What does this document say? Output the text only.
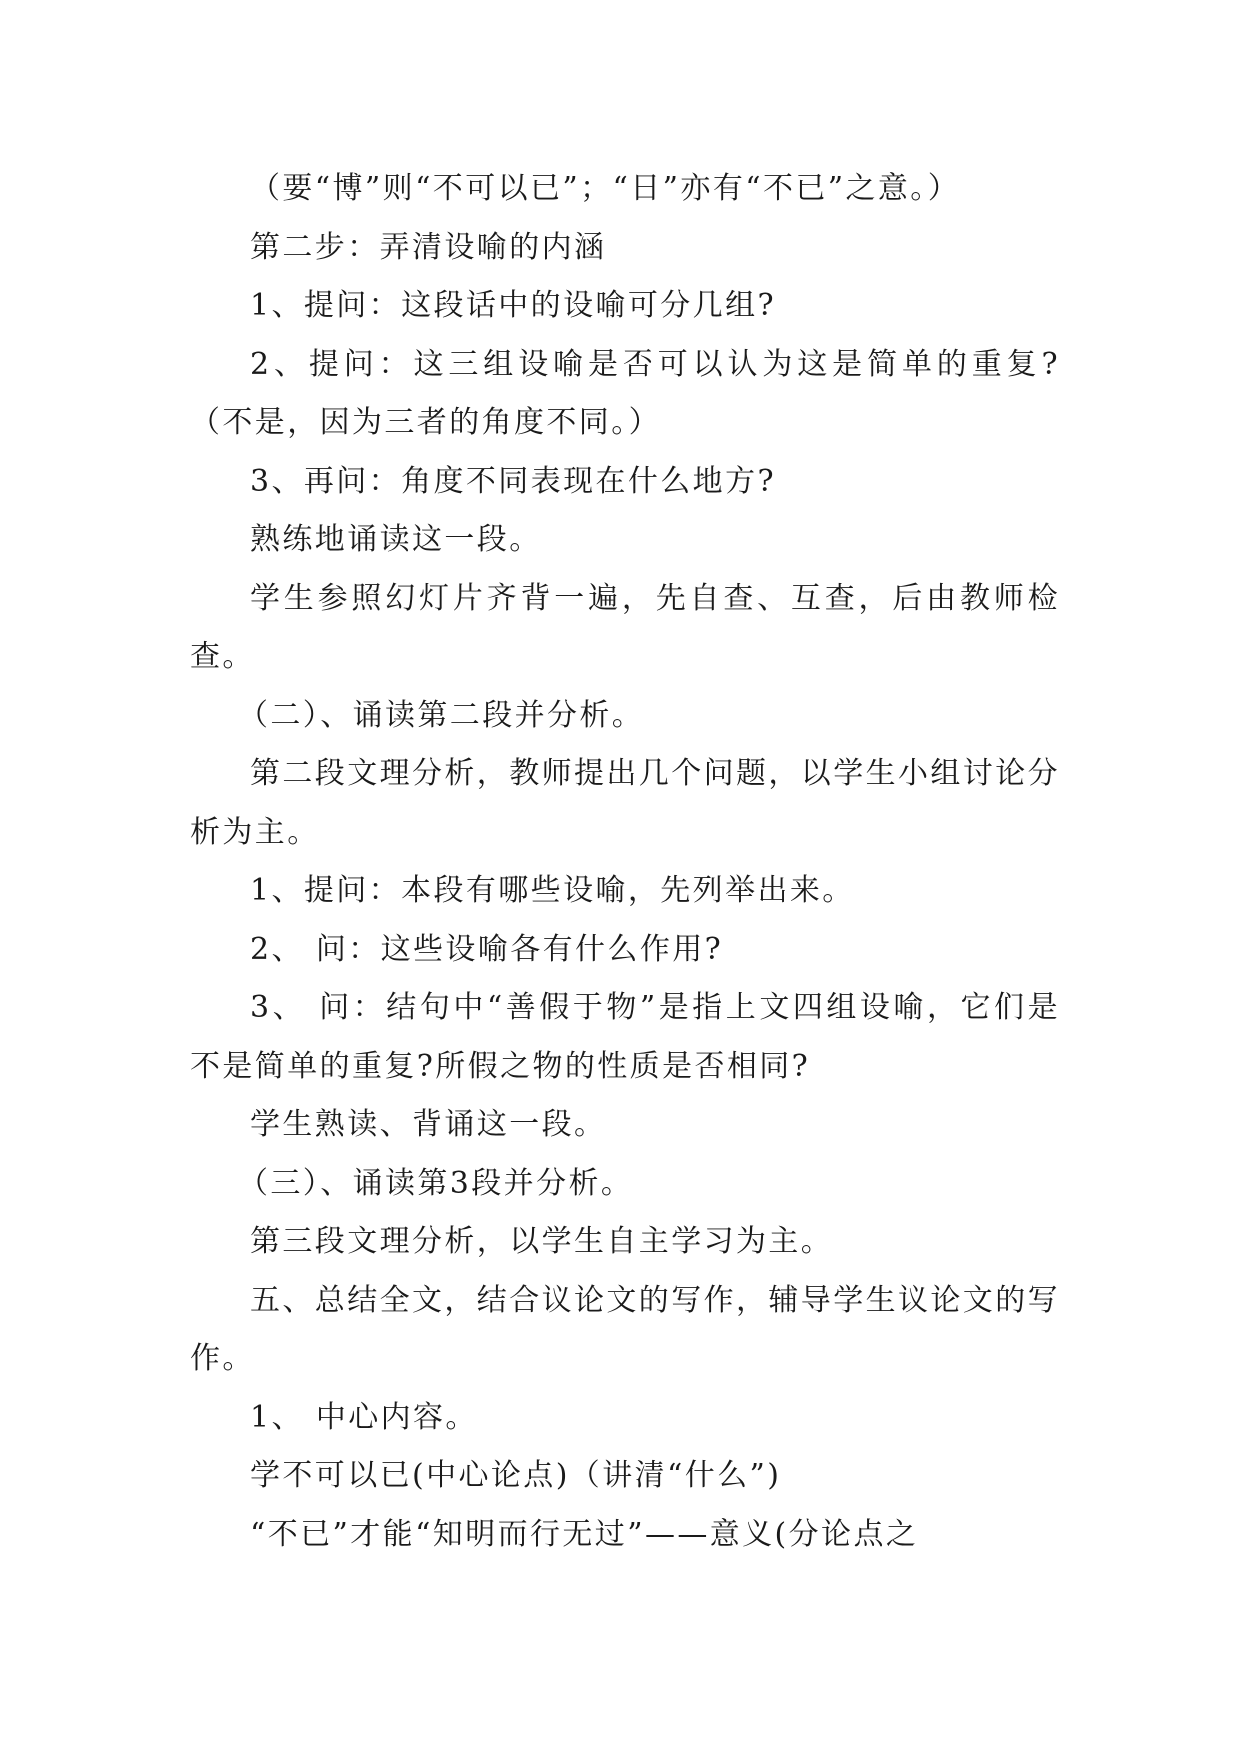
（要“博”则“不可以已”；“日”亦有“不已”之意。）

第二步：弄清设喻的内涵

1、提问：这段话中的设喻可分几组?

2、提问：这三组设喻是否可以认为这是简单的重复?（不是，因为三者的角度不同。）

3、再问：角度不同表现在什么地方?

熟练地诵读这一段。

学生参照幻灯片齐背一遍，先自查、互查，后由教师检查。

（二）、诵读第二段并分析。

第二段文理分析，教师提出几个问题，以学生小组讨论分析为主。

1、提问：本段有哪些设喻，先列举出来。

2、 问：这些设喻各有什么作用?

3、 问：结句中“善假于物”是指上文四组设喻，它们是不是简单的重复?所假之物的性质是否相同?

学生熟读、背诵这一段。

（三）、诵读第3段并分析。

第三段文理分析，以学生自主学习为主。

五、总结全文，结合议论文的写作，辅导学生议论文的写作。

1、 中心内容。

学不可以已(中心论点)（讲清“什么”)

“不已”才能“知明而行无过”——意义(分论点之
